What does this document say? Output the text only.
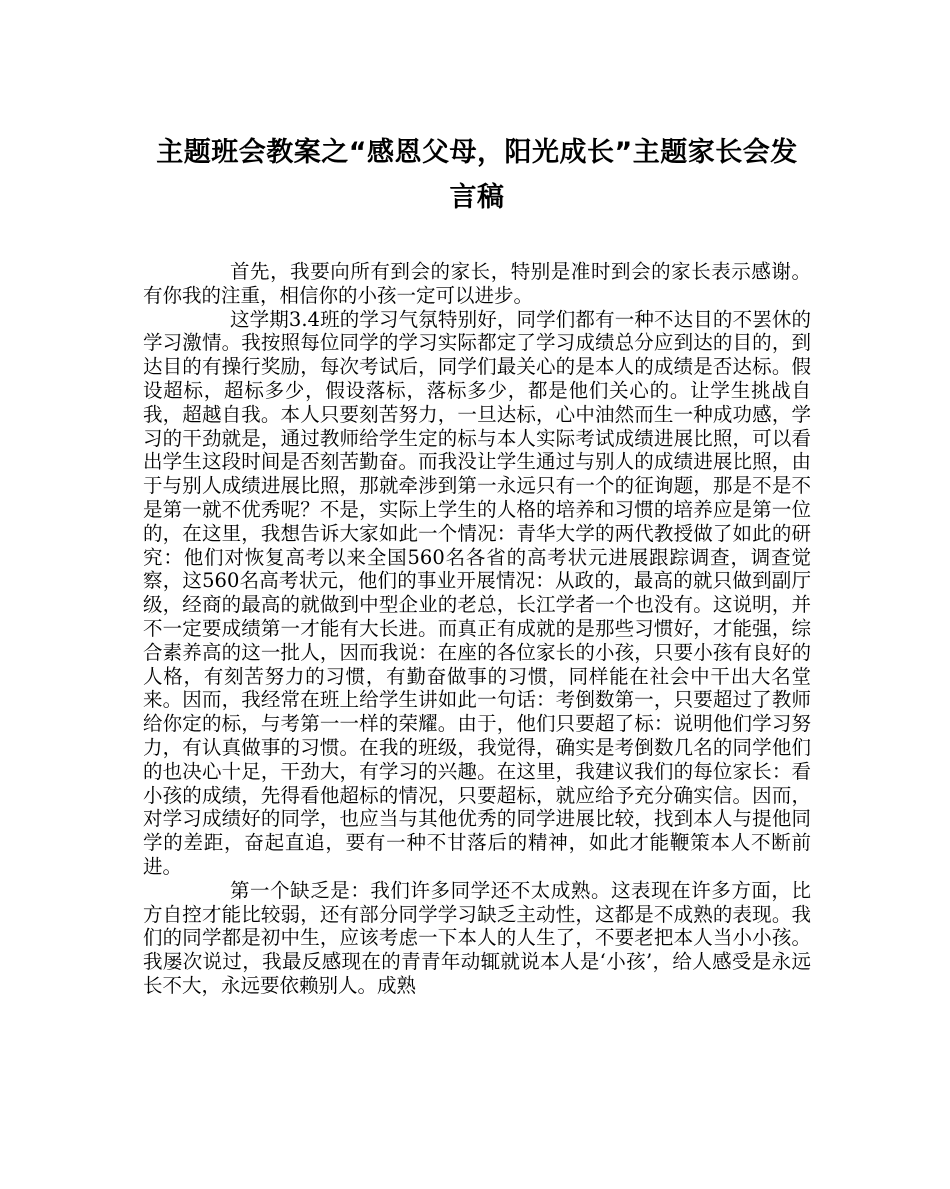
主题班会教案之“感恩父母，阳光成长”主题家长会发言稿

首先，我要向所有到会的家长，特别是准时到会的家长表示感谢。有你我的注重，相信你的小孩一定可以进步。

这学期3.4班的学习气氛特别好，同学们都有一种不达目的不罢休的学习激情。我按照每位同学的学习实际都定了学习成绩总分应到达的目的，到达目的有操行奖励，每次考试后，同学们最关心的是本人的成绩是否达标。假设超标，超标多少，假设落标，落标多少，都是他们关心的。让学生挑战自我，超越自我。本人只要刻苦努力，一旦达标，心中油然而生一种成功感，学习的干劲就是，通过教师给学生定的标与本人实际考试成绩进展比照，可以看出学生这段时间是否刻苦勤奋。而我没让学生通过与别人的成绩进展比照，由于与别人成绩进展比照，那就牵涉到第一永远只有一个的征询题，那是不是不是第一就不优秀呢？不是，实际上学生的人格的培养和习惯的培养应是第一位的，在这里，我想告诉大家如此一个情况：青华大学的两代教授做了如此的研究：他们对恢复高考以来全国560名各省的高考状元进展跟踪调查，调查觉察，这560名高考状元，他们的事业开展情况：从政的，最高的就只做到副厅级，经商的最高的就做到中型企业的老总，长江学者一个也没有。这说明，并不一定要成绩第一才能有大长进。而真正有成就的是那些习惯好，才能强，综合素养高的这一批人，因而我说：在座的各位家长的小孩，只要小孩有良好的人格，有刻苦努力的习惯，有勤奋做事的习惯，同样能在社会中干出大名堂来。因而，我经常在班上给学生讲如此一句话：考倒数第一，只要超过了教师给你定的标，与考第一一样的荣耀。由于，他们只要超了标：说明他们学习努力，有认真做事的习惯。在我的班级，我觉得，确实是考倒数几名的同学他们的也决心十足，干劲大，有学习的兴趣。在这里，我建议我们的每位家长：看小孩的成绩，先得看他超标的情况，只要超标，就应给予充分确实信。因而，对学习成绩好的同学，也应当与其他优秀的同学进展比较，找到本人与提他同学的差距，奋起直追，要有一种不甘落后的精神，如此才能鞭策本人不断前进。

第一个缺乏是：我们许多同学还不太成熟。这表现在许多方面，比方自控才能比较弱，还有部分同学学习缺乏主动性，这都是不成熟的表现。我们的同学都是初中生，应该考虑一下本人的人生了，不要老把本人当小小孩。我屡次说过，我最反感现在的青青年动辄就说本人是‘小孩’，给人感受是永远长不大，永远要依赖别人。成熟
